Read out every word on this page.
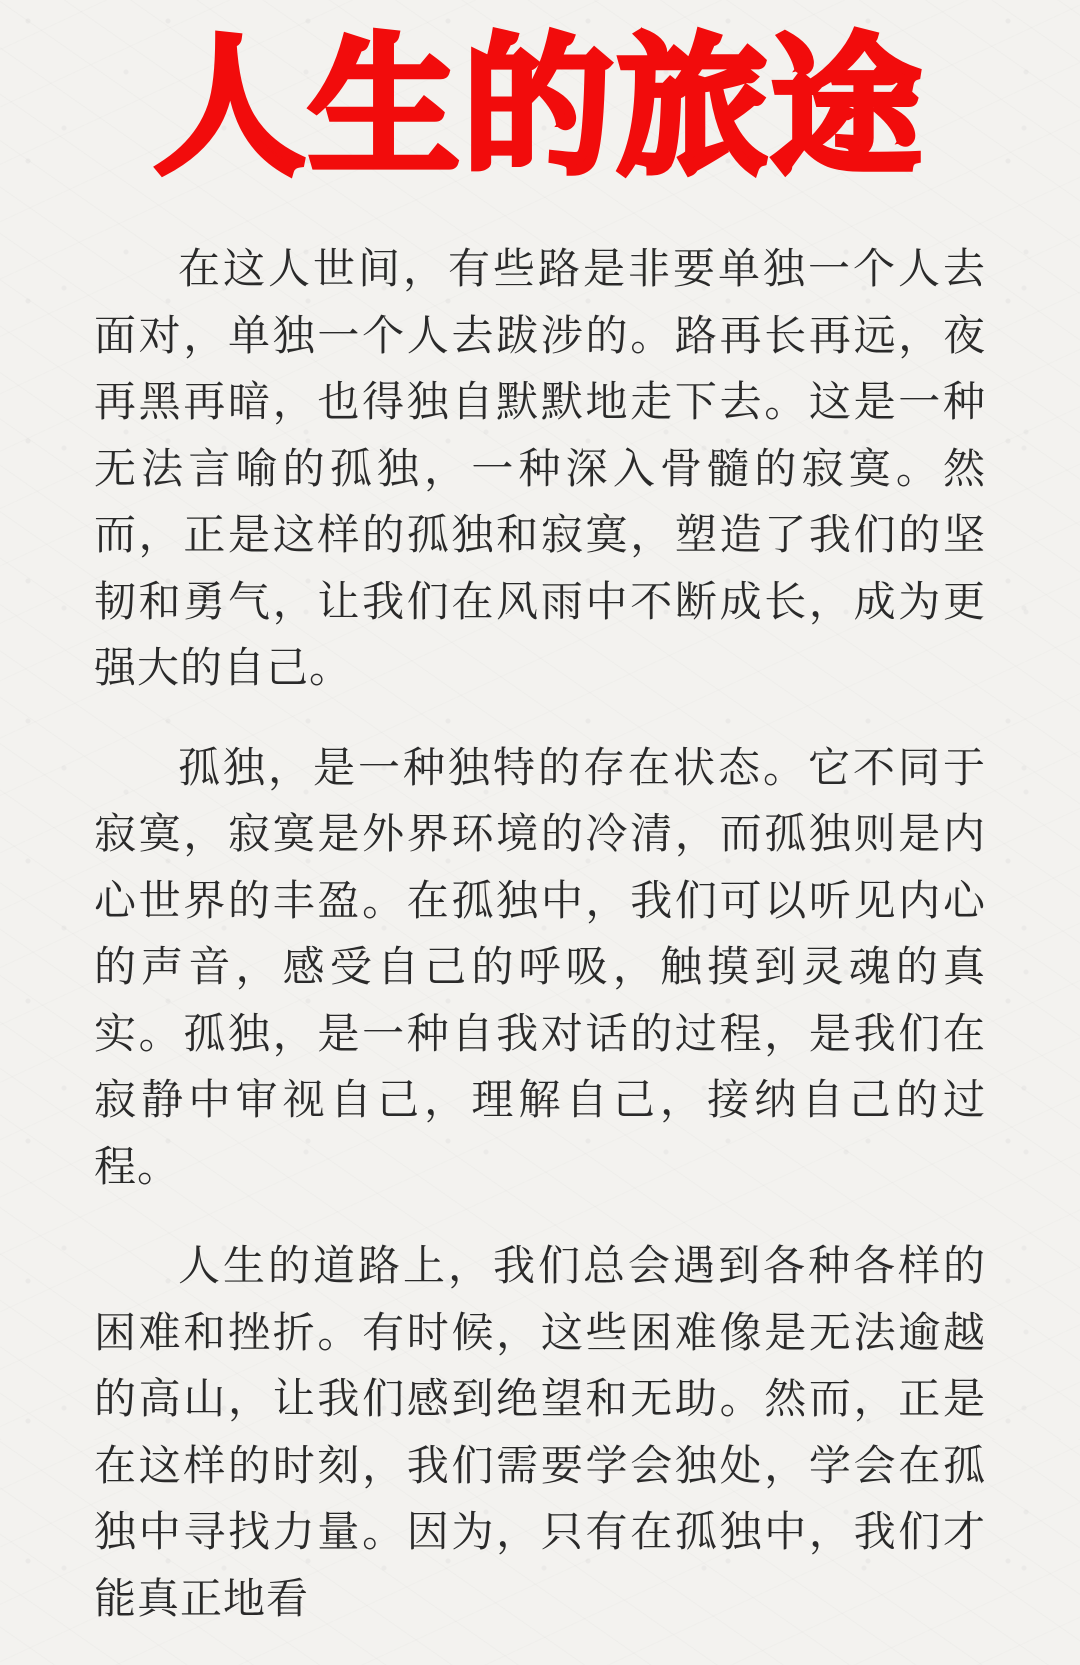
人生的旅途

在这人世间，有些路是非要单独一个人去面对，单独一个人去跋涉的。路再长再远，夜再黑再暗，也得独自默默地走下去。这是一种无法言喻的孤独，一种深入骨髓的寂寞。然而，正是这样的孤独和寂寞，塑造了我们的坚韧和勇气，让我们在风雨中不断成长，成为更强大的自己。

孤独，是一种独特的存在状态。它不同于寂寞，寂寞是外界环境的冷清，而孤独则是内心世界的丰盈。在孤独中，我们可以听见内心的声音，感受自己的呼吸，触摸到灵魂的真实。孤独，是一种自我对话的过程，是我们在寂静中审视自己，理解自己，接纳自己的过程。

人生的道路上，我们总会遇到各种各样的困难和挫折。有时候，这些困难像是无法逾越的高山，让我们感到绝望和无助。然而，正是在这样的时刻，我们需要学会独处，学会在孤独中寻找力量。因为，只有在孤独中，我们才能真正地看
